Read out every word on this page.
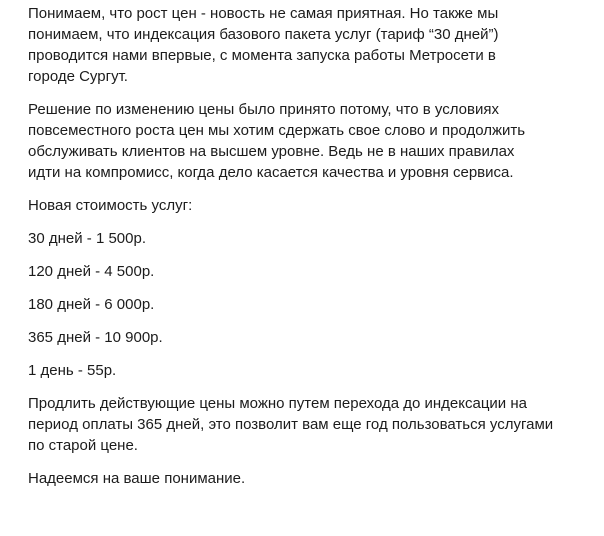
Понимаем, что рост цен - новость не самая приятная. Но также мы понимаем, что индексация базового пакета услуг (тариф “30 дней”) проводится нами впервые, с момента запуска работы Метросети в городе Сургут.

Решение по изменению цены было принято потому, что в условиях повсеместного роста цен мы хотим сдержать свое слово и продолжить обслуживать клиентов на высшем уровне. Ведь не в наших правилах идти на компромисс, когда дело касается качества и уровня сервиса.

Новая стоимость услуг:

30 дней - 1 500р.

120 дней - 4 500р.

180 дней - 6 000р.

365 дней - 10 900р.

1 день - 55р.

Продлить действующие цены можно путем перехода до индексации на период оплаты 365 дней, это позволит вам еще год пользоваться услугами по старой цене.

Надеемся на ваше понимание.
